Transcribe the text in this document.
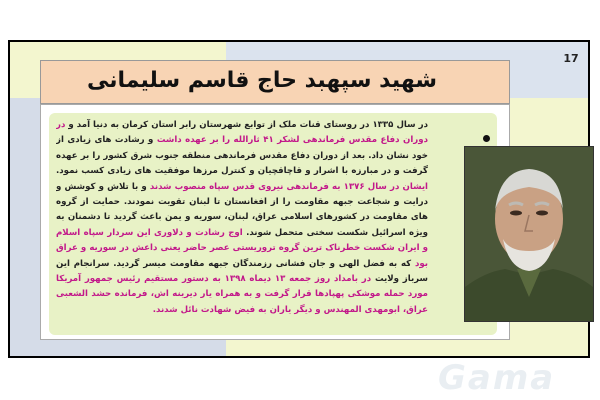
17
شهید سپهبد حاج قاسم سلیمانی
در سال ۱۳۳۵ در روستای قنات ملک از توابع شهرستان رابر استان کرمان به دنیا آمد و در دوران دفاع مقدس فرماندهی لشکر ۴۱ ثارالله را بر عهده داشت و رشادت های زیادی از خود نشان داد. بعد از دوران دفاع مقدس فرماندهی منطقه جنوب شرق کشور را بر عهده گرفت و در مبارزه با اشرار و قاچاقچیان و کنترل مرزها موفقیت های زیادی کسب نمود. ایشان در سال ۱۳۷۶ به فرماندهی نیروی قدس سپاه منصوب شدند و با تلاش و کوشش و درایت و شجاعت جبهه مقاومت را از افغانستان تا لبنان تقویت نمودند. حمایت از گروه های مقاومت در کشورهای اسلامی عراق، لبنان، سوریه و یمن باعث گردید تا دشمنان به ویژه اسرائیل شکست سختی متحمل شوند. اوج رشادت و دلاوری این سردار سپاه اسلام و ایران شکست خطرناک ترین گروه تروریستی عصر حاضر یعنی داعش در سوریه و عراق بود که به فضل الهی و جان فشانی رزمندگان جبهه مقاومت میسر گردید. سرانجام این سرباز ولایت در بامداد روز جمعه ۱۳ دیماه ۱۳۹۸ به دستور مستقیم رئیس جمهور آمریکا مورد حمله موشکی پهپادها قرار گرفت و به همراه یار دیرینه اش، فرمانده حشد الشعبی عراق، ابومهدی المهندس و دیگر یاران به فیض شهادت نائل شدند.
Gama
